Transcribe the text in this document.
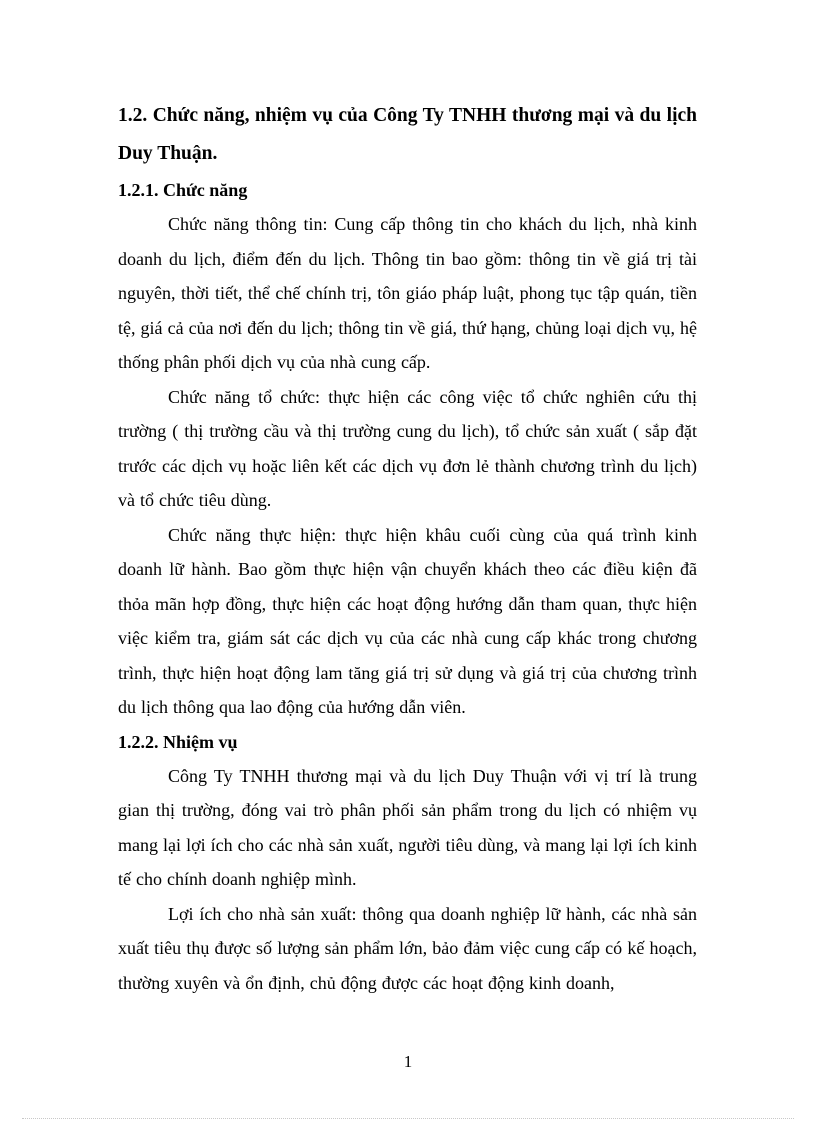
1.2. Chức năng, nhiệm vụ của Công Ty TNHH thương mại và du lịch Duy Thuận.

1.2.1. Chức năng

Chức năng thông tin: Cung cấp thông tin cho khách du lịch, nhà kinh doanh du lịch, điểm đến du lịch. Thông tin bao gồm: thông tin về giá trị tài nguyên, thời tiết, thể chế chính trị, tôn giáo pháp luật, phong tục tập quán, tiền tệ, giá cả của nơi đến du lịch; thông tin về giá, thứ hạng, chủng loại dịch vụ, hệ thống phân phối dịch vụ của nhà cung cấp.

Chức năng tổ chức: thực hiện các công việc tổ chức nghiên cứu thị trường ( thị trường cầu và thị trường cung du lịch), tổ chức sản xuất ( sắp đặt trước các dịch vụ hoặc liên kết các dịch vụ đơn lẻ thành chương trình du lịch) và tổ chức tiêu dùng.

Chức năng thực hiện: thực hiện khâu cuối cùng của quá trình kinh doanh lữ hành. Bao gồm thực hiện vận chuyển khách theo các điều kiện đã thỏa mãn hợp đồng, thực hiện các hoạt động hướng dẫn tham quan, thực hiện việc kiểm tra, giám sát các dịch vụ của các nhà cung cấp khác trong chương trình, thực hiện hoạt động lam tăng giá trị sử dụng và giá trị của chương trình du lịch thông qua lao động của hướng dẫn viên.

1.2.2. Nhiệm vụ

Công Ty TNHH thương mại và du lịch Duy Thuận với vị trí là trung gian thị trường, đóng vai trò phân phối sản phẩm trong du lịch có nhiệm vụ mang lại lợi ích cho các nhà sản xuất, người tiêu dùng, và mang lại lợi ích kinh tế cho chính doanh nghiệp mình.

Lợi ích cho nhà sản xuất: thông qua doanh nghiệp lữ hành, các nhà sản xuất tiêu thụ được số lượng sản phẩm lớn, bảo đảm việc cung cấp có kế hoạch, thường xuyên và ổn định, chủ động được các hoạt động kinh doanh,

1
